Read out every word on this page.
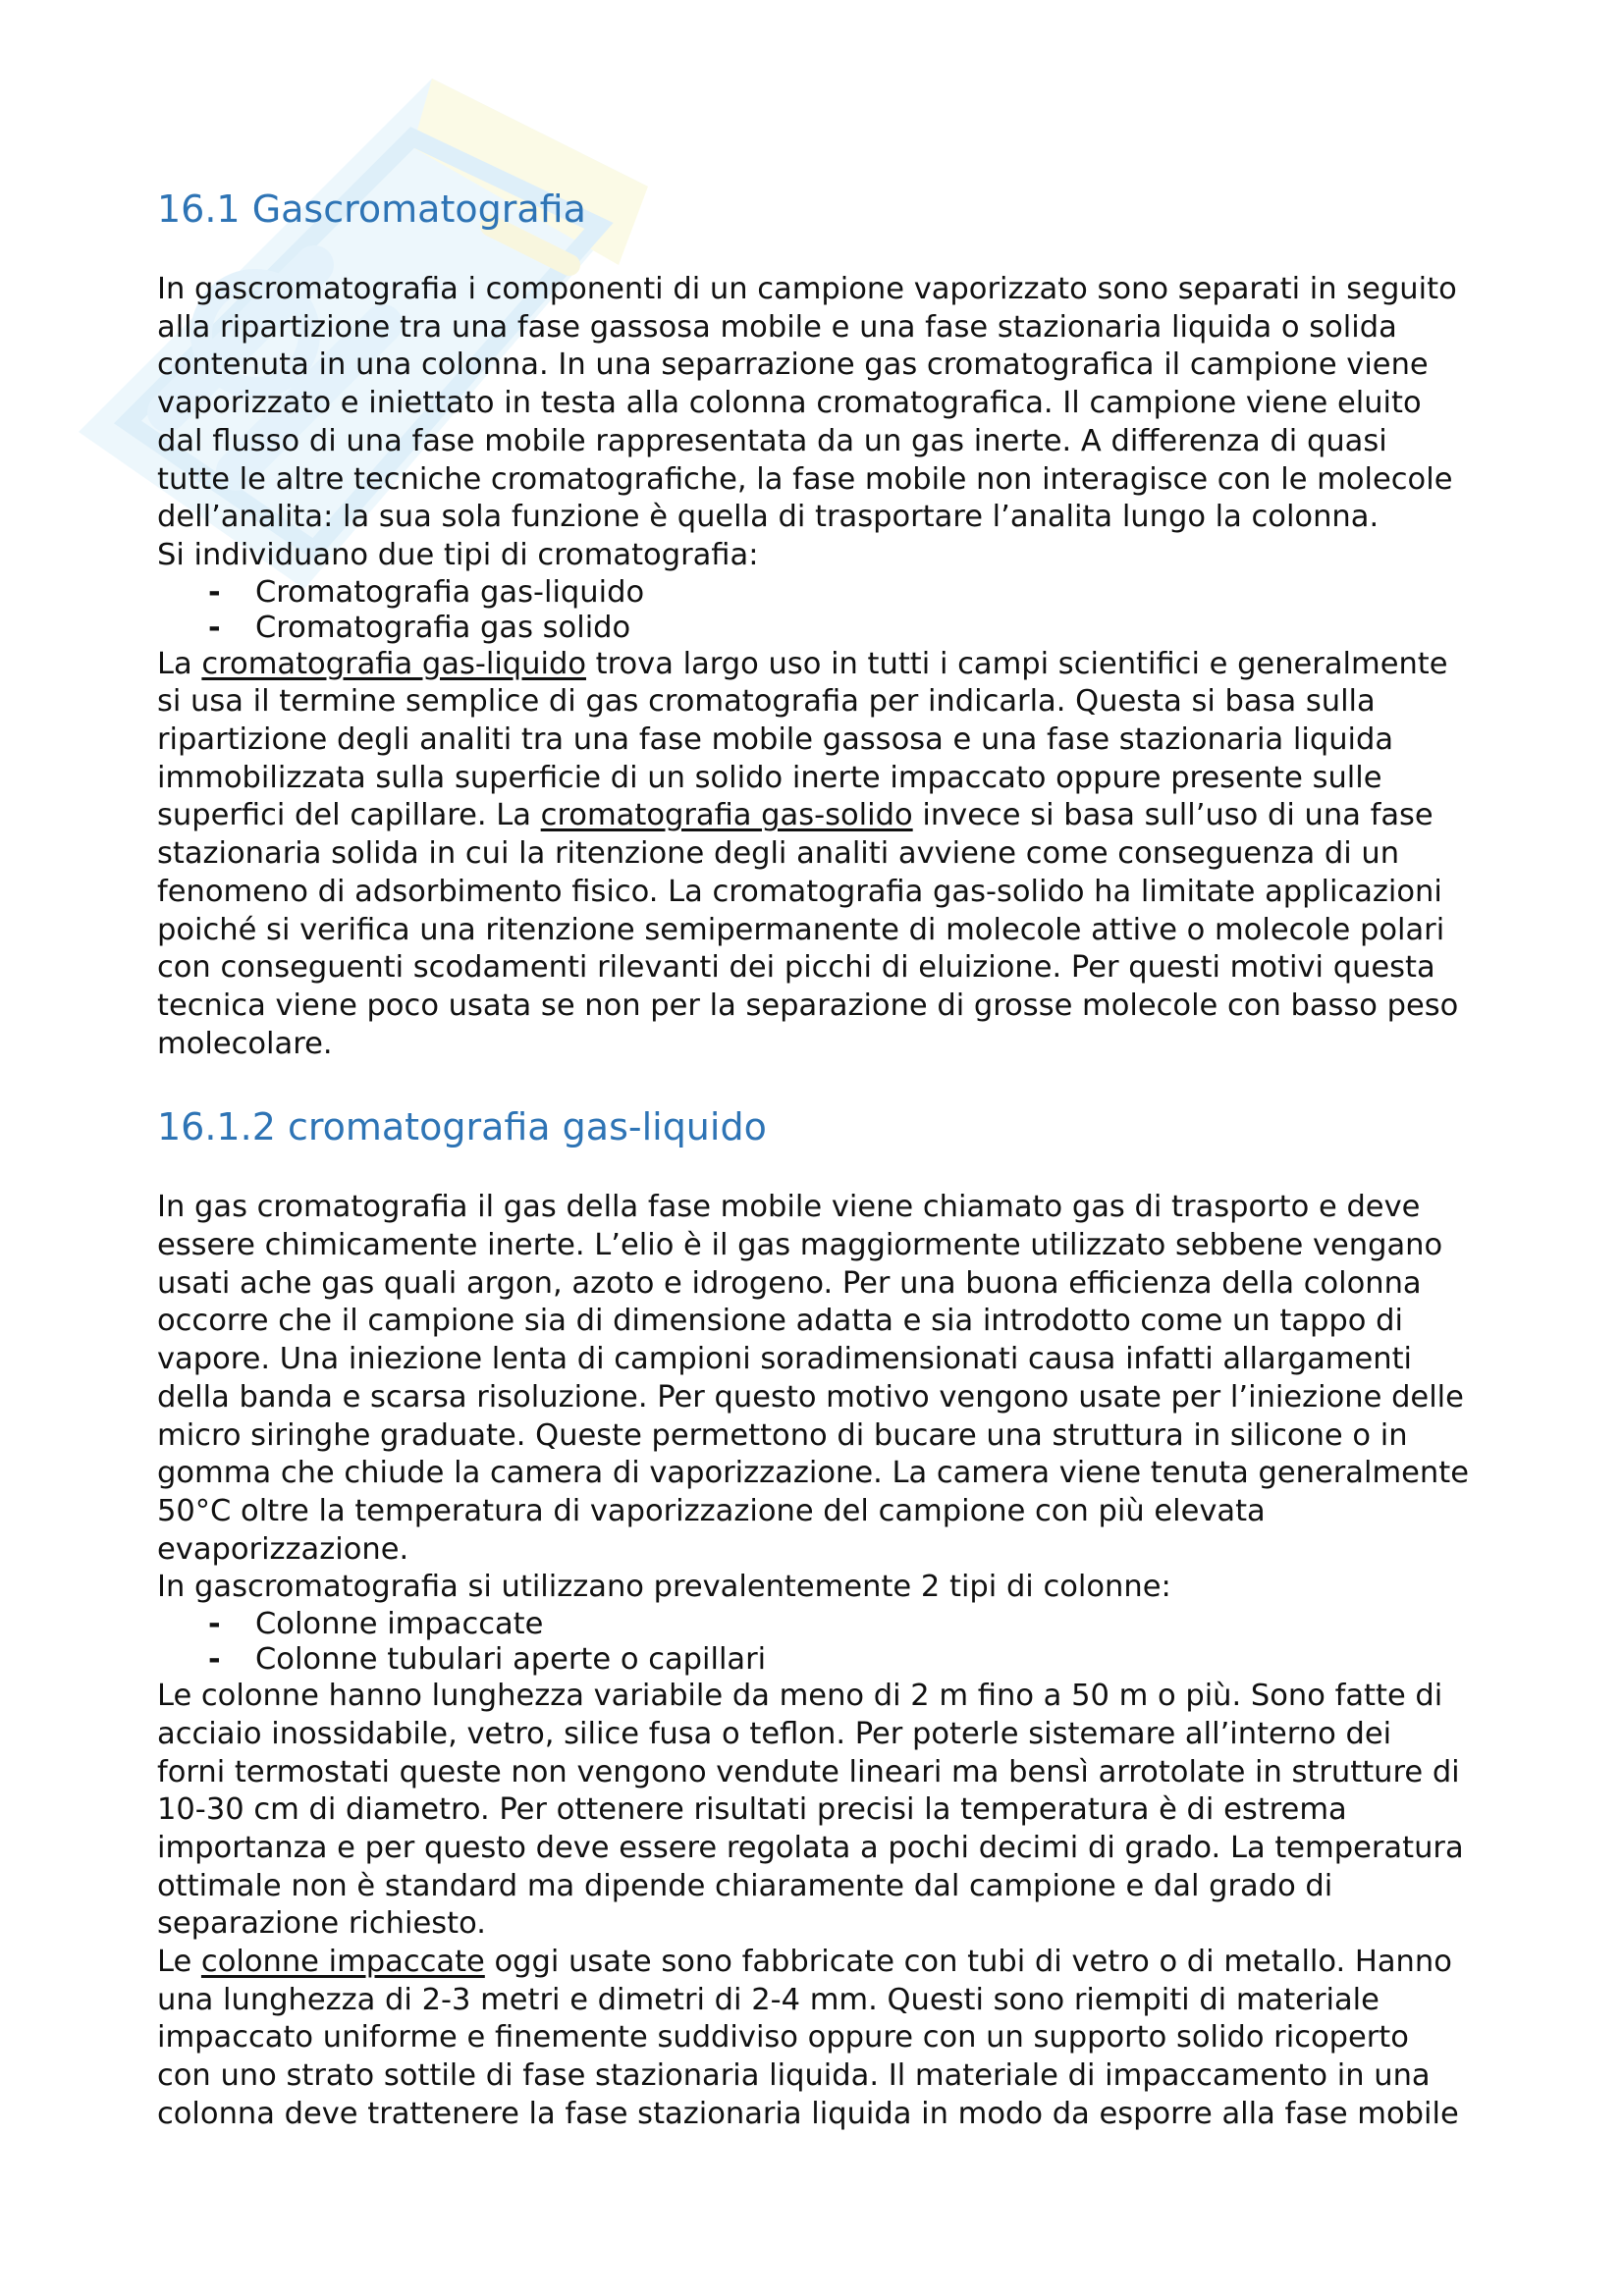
16.1 Gascromatografia

In gascromatografia i componenti di un campione vaporizzato sono separati in seguito

alla ripartizione tra una fase gassosa mobile e una fase stazionaria liquida o solida

contenuta in una colonna. In una separrazione gas cromatografica il campione viene

vaporizzato e iniettato in testa alla colonna cromatografica. Il campione viene eluito

dal flusso di una fase mobile rappresentata da un gas inerte. A differenza di quasi

tutte le altre tecniche cromatografiche, la fase mobile non interagisce con le molecole

dell’analita: la sua sola funzione è quella di trasportare l’analita lungo la colonna.

Si individuano due tipi di cromatografia:

- Cromatografia gas-liquido
- Cromatografia gas solido

La cromatografia gas-liquido trova largo uso in tutti i campi scientifici e generalmente

si usa il termine semplice di gas cromatografia per indicarla. Questa si basa sulla

ripartizione degli analiti tra una fase mobile gassosa e una fase stazionaria liquida

immobilizzata sulla superficie di un solido inerte impaccato oppure presente sulle

superfici del capillare. La cromatografia gas-solido invece si basa sull’uso di una fase

stazionaria solida in cui la ritenzione degli analiti avviene come conseguenza di un

fenomeno di adsorbimento fisico. La cromatografia gas-solido ha limitate applicazioni

poiché si verifica una ritenzione semipermanente di molecole attive o molecole polari

con conseguenti scodamenti rilevanti dei picchi di eluizione. Per questi motivi questa

tecnica viene poco usata se non per la separazione di grosse molecole con basso peso

molecolare.

16.1.2 cromatografia gas-liquido

In gas cromatografia il gas della fase mobile viene chiamato gas di trasporto e deve

essere chimicamente inerte. L’elio è il gas maggiormente utilizzato sebbene vengano

usati ache gas quali argon, azoto e idrogeno. Per una buona efficienza della colonna

occorre che il campione sia di dimensione adatta e sia introdotto come un tappo di

vapore. Una iniezione lenta di campioni soradimensionati causa infatti allargamenti

della banda e scarsa risoluzione. Per questo motivo vengono usate per l’iniezione delle

micro siringhe graduate. Queste permettono di bucare una struttura in silicone o in

gomma che chiude la camera di vaporizzazione. La camera viene tenuta generalmente

50°C oltre la temperatura di vaporizzazione del campione con più elevata

evaporizzazione.

In gascromatografia si utilizzano prevalentemente 2 tipi di colonne:

- Colonne impaccate
- Colonne tubulari aperte o capillari

Le colonne hanno lunghezza variabile da meno di 2 m fino a 50 m o più. Sono fatte di

acciaio inossidabile, vetro, silice fusa o teflon. Per poterle sistemare all’interno dei

forni termostati queste non vengono vendute lineari ma bensì arrotolate in strutture di

10-30 cm di diametro. Per ottenere risultati precisi la temperatura è di estrema

importanza e per questo deve essere regolata a pochi decimi di grado. La temperatura

ottimale non è standard ma dipende chiaramente dal campione e dal grado di

separazione richiesto.

Le colonne impaccate oggi usate sono fabbricate con tubi di vetro o di metallo. Hanno

una lunghezza di 2-3 metri e dimetri di 2-4 mm. Questi sono riempiti di materiale

impaccato uniforme e finemente suddiviso oppure con un supporto solido ricoperto

con uno strato sottile di fase stazionaria liquida. Il materiale di impaccamento in una

colonna deve trattenere la fase stazionaria liquida in modo da esporre alla fase mobile
